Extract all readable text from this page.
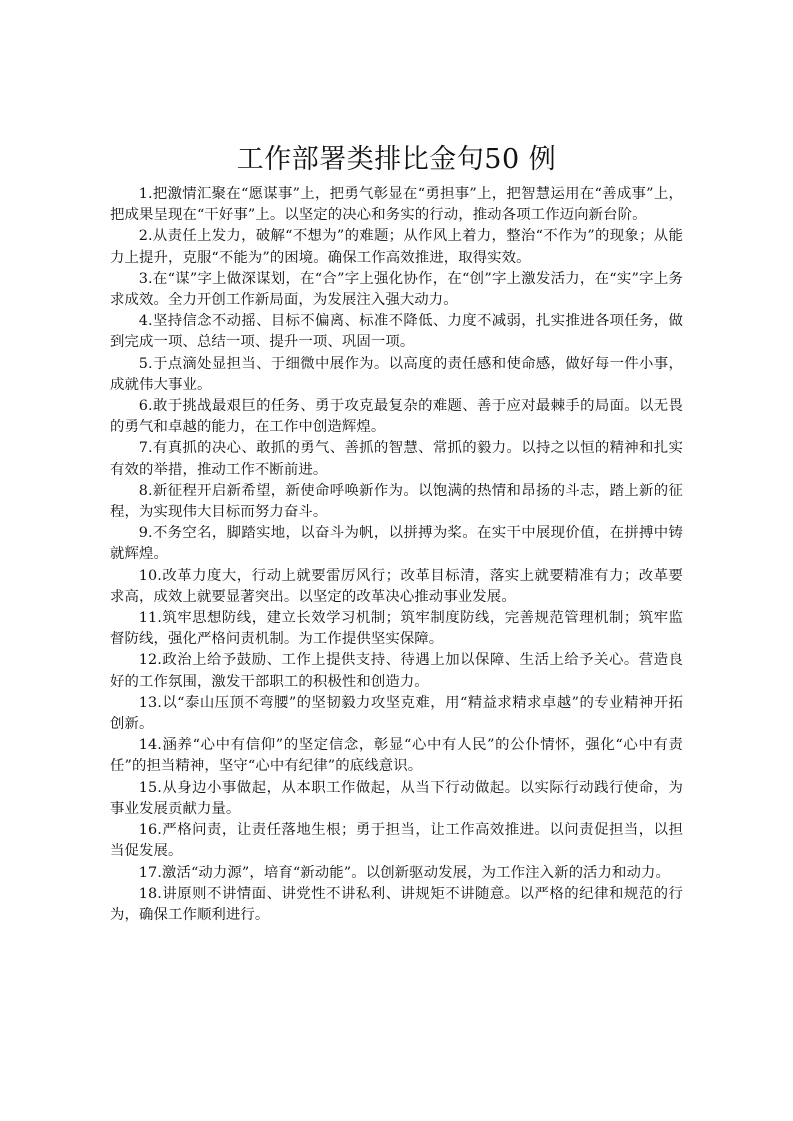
工作部署类排比金句50 例

1.把激情汇聚在“愿谋事”上，把勇气彰显在“勇担事”上，把智慧运用在“善成事”上，把成果呈现在“干好事”上。以坚定的决心和务实的行动，推动各项工作迈向新台阶。

2.从责任上发力，破解“不想为”的难题；从作风上着力，整治“不作为”的现象；从能力上提升，克服“不能为”的困境。确保工作高效推进，取得实效。

3.在“谋”字上做深谋划，在“合”字上强化协作，在“创”字上激发活力，在“实”字上务求成效。全力开创工作新局面，为发展注入强大动力。

4.坚持信念不动摇、目标不偏离、标准不降低、力度不减弱，扎实推进各项任务，做到完成一项、总结一项、提升一项、巩固一项。

5.于点滴处显担当、于细微中展作为。以高度的责任感和使命感，做好每一件小事，成就伟大事业。

6.敢于挑战最艰巨的任务、勇于攻克最复杂的难题、善于应对最棘手的局面。以无畏的勇气和卓越的能力，在工作中创造辉煌。

7.有真抓的决心、敢抓的勇气、善抓的智慧、常抓的毅力。以持之以恒的精神和扎实有效的举措，推动工作不断前进。

8.新征程开启新希望，新使命呼唤新作为。以饱满的热情和昂扬的斗志，踏上新的征程，为实现伟大目标而努力奋斗。

9.不务空名，脚踏实地，以奋斗为帆，以拼搏为桨。在实干中展现价值，在拼搏中铸就辉煌。

10.改革力度大，行动上就要雷厉风行；改革目标清，落实上就要精准有力；改革要求高，成效上就要显著突出。以坚定的改革决心推动事业发展。

11.筑牢思想防线，建立长效学习机制；筑牢制度防线，完善规范管理机制；筑牢监督防线，强化严格问责机制。为工作提供坚实保障。

12.政治上给予鼓励、工作上提供支持、待遇上加以保障、生活上给予关心。营造良好的工作氛围，激发干部职工的积极性和创造力。

13.以“泰山压顶不弯腰”的坚韧毅力攻坚克难，用“精益求精求卓越”的专业精神开拓创新。

14.涵养“心中有信仰”的坚定信念，彰显“心中有人民”的公仆情怀，强化“心中有责任”的担当精神，坚守“心中有纪律”的底线意识。

15.从身边小事做起，从本职工作做起，从当下行动做起。以实际行动践行使命，为事业发展贡献力量。

16.严格问责，让责任落地生根；勇于担当，让工作高效推进。以问责促担当，以担当促发展。

17.激活“动力源”，培育“新动能”。以创新驱动发展，为工作注入新的活力和动力。

18.讲原则不讲情面、讲党性不讲私利、讲规矩不讲随意。以严格的纪律和规范的行为，确保工作顺利进行。
